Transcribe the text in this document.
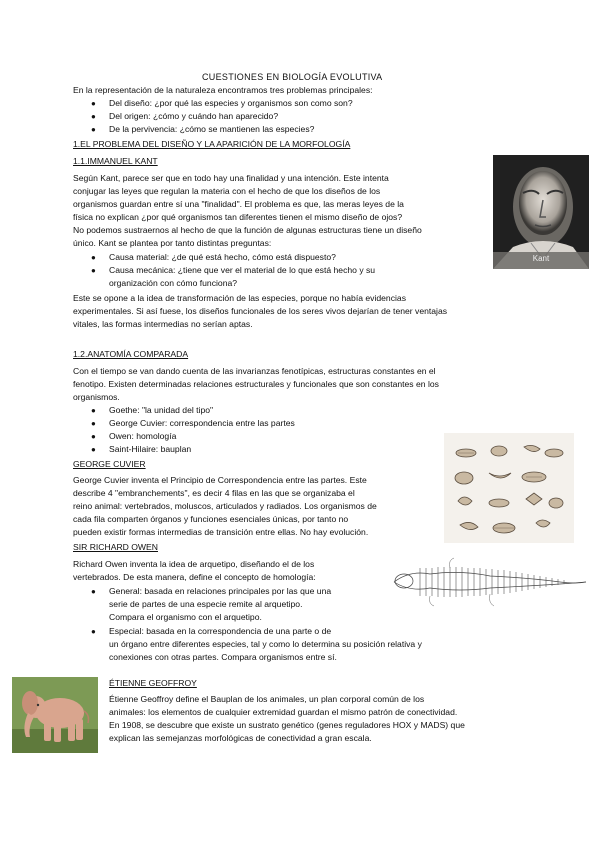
CUESTIONES EN BIOLOGÍA EVOLUTIVA
En la representación de la naturaleza encontramos tres problemas principales:
● Del diseño: ¿por qué las especies y organismos son como son?
● Del origen: ¿cómo y cuándo han aparecido?
● De la pervivencia: ¿cómo se mantienen las especies?
1.EL PROBLEMA DEL DISEÑO Y LA APARICIÓN DE LA MORFOLOGÍA
1.1.IMMANUEL KANT
Según Kant, parece ser que en todo hay una finalidad y una intención. Este intenta
conjugar las leyes que regulan la materia con el hecho de que los diseños de los
organismos guardan entre sí una "finalidad". El problema es que, las meras leyes de la
física no explican ¿por qué organismos tan diferentes tienen el mismo diseño de ojos?
No podemos sustraernos al hecho de que la función de algunas estructuras tiene un diseño
único. Kant se plantea por tanto distintas preguntas:
● Causa material: ¿de qué está hecho, cómo está dispuesto?
● Causa mecánica: ¿tiene que ver el material de lo que está hecho y su
organización con cómo funciona?
Este se opone a la idea de transformación de las especies, porque no había evidencias
experimentales. Si así fuese, los diseños funcionales de los seres vivos dejarían de tener ventajas
vitales, las formas intermedias no serían aptas.
Kant
1.2.ANATOMÍA COMPARADA
Con el tiempo se van dando cuenta de las invarianzas fenotípicas, estructuras constantes en el
fenotipo. Existen determinadas relaciones estructurales y funcionales que son constantes en los
organismos.
● Goethe: "la unidad del tipo"
● George Cuvier: correspondencia entre las partes
● Owen: homología
● Saint-Hilaire: bauplan
GEORGE CUVIER
George Cuvier inventa el Principio de Correspondencia entre las partes. Este
describe 4 "embranchements", es decir 4 filas en las que se organizaba el
reino animal: vertebrados, moluscos, articulados y radiados. Los organismos de
cada fila comparten órganos y funciones esenciales únicas, por tanto no
pueden existir formas intermedias de transición entre ellas. No hay evolución.
SIR RICHARD OWEN
Richard Owen inventa la idea de arquetipo, diseñando el de los
vertebrados. De esta manera, define el concepto de homología:
● General: basada en relaciones principales por las que una
serie de partes de una especie remite al arquetipo.
Compara el organismo con el arquetipo.
● Especial: basada en la correspondencia de una parte o de
un órgano entre diferentes especies, tal y como lo determina su posición relativa y
conexiones con otras partes. Compara organismos entre sí.
ÉTIENNE GEOFFROY
Étienne Geoffroy define el Bauplan de los animales, un plan corporal común de los
animales: los elementos de cualquier extremidad guardan el mismo patrón de conectividad.
En 1908, se descubre que existe un sustrato genético (genes reguladores HOX y MADS) que
explican las semejanzas morfológicas de conectividad a gran escala.
